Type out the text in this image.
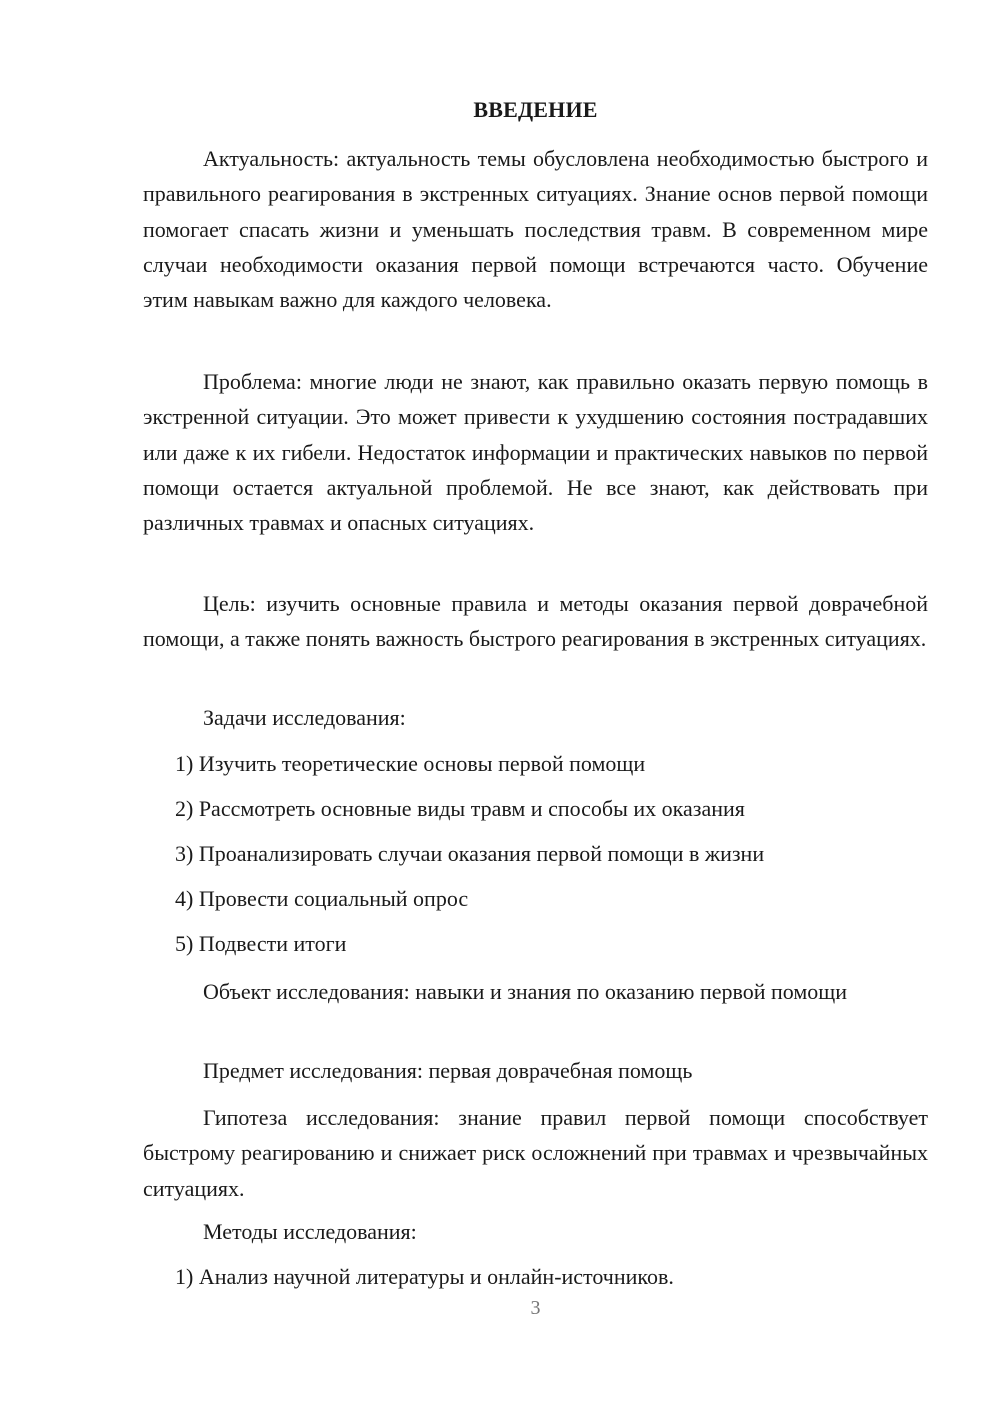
ВВЕДЕНИЕ

Актуальность: актуальность темы обусловлена необходимостью быстрого и правильного реагирования в экстренных ситуациях. Знание основ первой помощи помогает спасать жизни и уменьшать последствия травм. В современном мире случаи необходимости оказания первой помощи встречаются часто. Обучение этим навыкам важно для каждого человека.

Проблема: многие люди не знают, как правильно оказать первую помощь в экстренной ситуации. Это может привести к ухудшению состояния пострадавших или даже к их гибели. Недостаток информации и практических навыков по первой помощи остается актуальной проблемой. Не все знают, как действовать при различных травмах и опасных ситуациях.

Цель: изучить основные правила и методы оказания первой доврачебной помощи, а также понять важность быстрого реагирования в экстренных ситуациях.

Задачи исследования:

1) Изучить теоретические основы первой помощи

2) Рассмотреть основные виды травм и способы их оказания

3) Проанализировать случаи оказания первой помощи в жизни

4) Провести социальный опрос

5) Подвести итоги

Объект исследования: навыки и знания по оказанию первой помощи

Предмет исследования: первая доврачебная помощь

Гипотеза исследования: знание правил первой помощи способствует быстрому реагированию и снижает риск осложнений при травмах и чрезвычайных ситуациях.

Методы исследования:

1) Анализ научной литературы и онлайн-источников.

3
